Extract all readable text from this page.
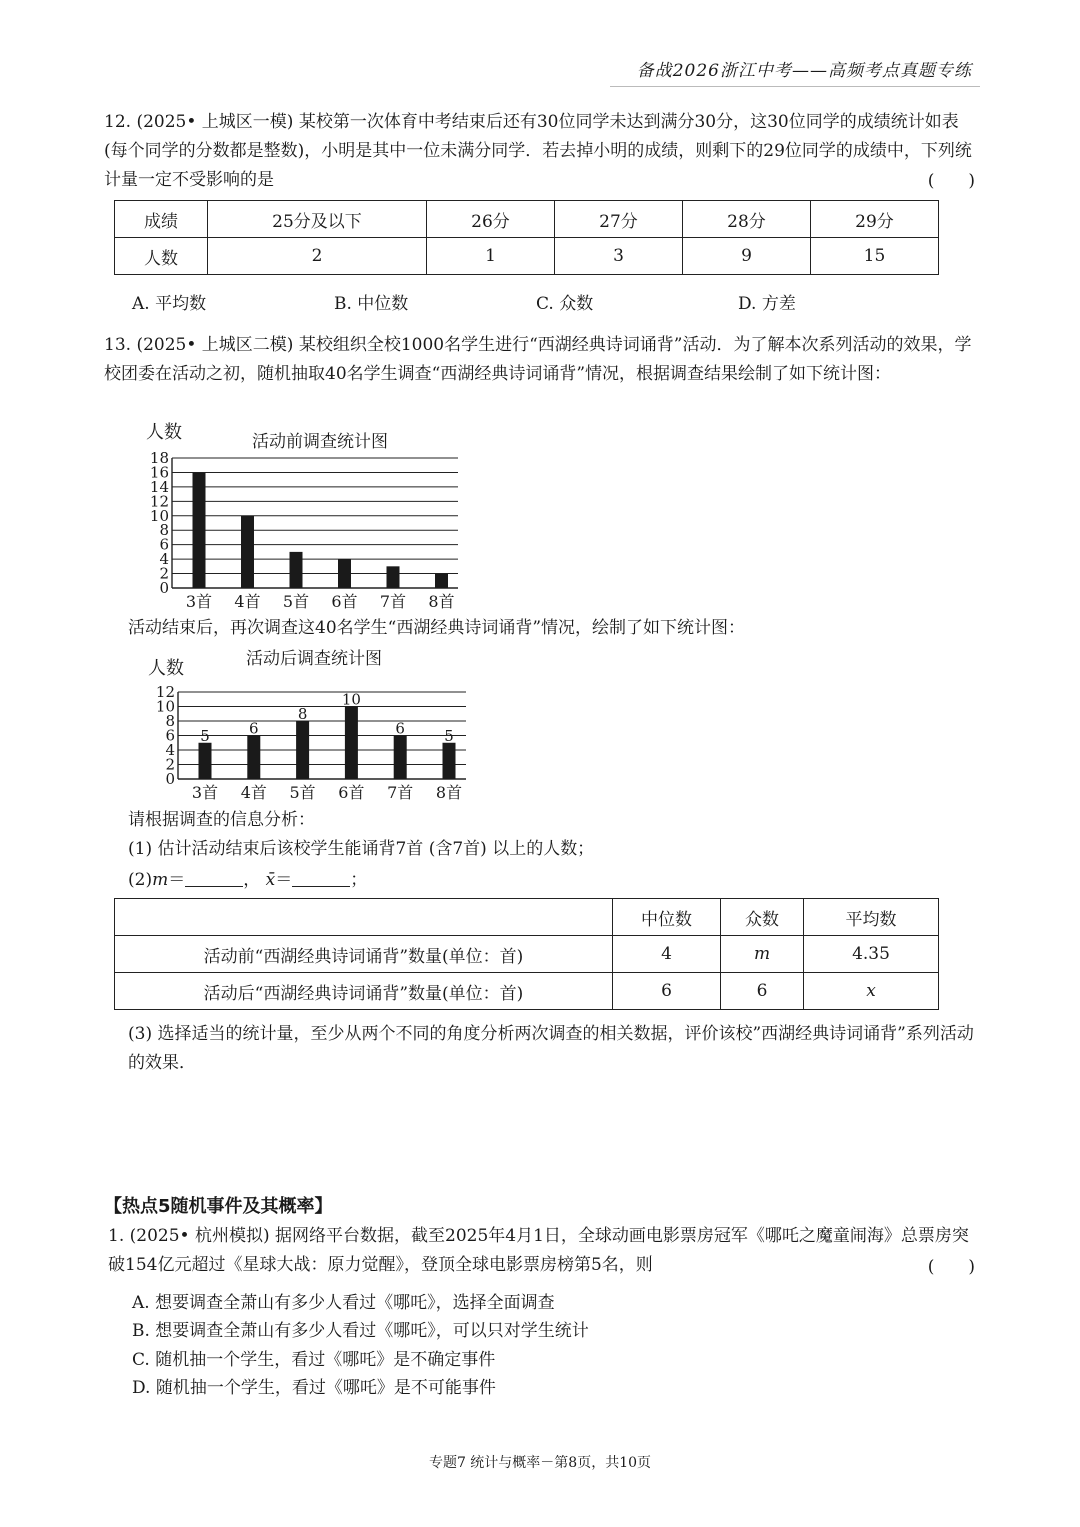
备战2026浙江中考——高频考点真题专练
12. (2025• 上城区一模) 某校第一次体育中考结束后还有30位同学未达到满分30分，这30位同学的成绩统计如表(每个同学的分数都是整数)，小明是其中一位未满分同学．若去掉小明的成绩，则剩下的29位同学的成绩中，下列统计量一定不受影响的是	(　　)
成绩	25分及以下	26分	27分	28分	29分
人数	2	1	3	9	15
A. 平均数	B. 中位数	C. 众数	D. 方差
13. (2025• 上城区二模) 某校组织全校1000名学生进行“西湖经典诗词诵背”活动．为了解本次系列活动的效果，学校团委在活动之初，随机抽取40名学生调查“西湖经典诗词诵背”情况，根据调查结果绘制了如下统计图：
人数	活动前调查统计图
0
2
4
6
8
10
12
14
16
18
3首 4首 5首 6首 7首 8首
活动结束后，再次调查这40名学生“西湖经典诗词诵背”情况，绘制了如下统计图：
人数	活动后调查统计图
0
2
4
6
8
10
12
3首
5
4首
6
5首
8
6首
10
7首
6
8首
5
请根据调查的信息分析：
(1) 估计活动结束后该校学生能诵背7首 (含7首) 以上的人数；
(2)m＝	， x̄＝	；
	中位数	众数	平均数
活动前“西湖经典诗词诵背”数量(单位：首)	4	m	4.35
活动后“西湖经典诗词诵背”数量(单位：首)	6	6	x
(3) 选择适当的统计量，至少从两个不同的角度分析两次调查的相关数据，评价该校”西湖经典诗词诵背”系列活动的效果．
【热点5随机事件及其概率】
1. (2025• 杭州模拟) 据网络平台数据，截至2025年4月1日，全球动画电影票房冠军《哪吒之魔童闹海》总票房突破154亿元超过《星球大战：原力觉醒》，登顶全球电影票房榜第5名，则	(　　)
A. 想要调查全萧山有多少人看过《哪吒》，选择全面调查
B. 想要调查全萧山有多少人看过《哪吒》，可以只对学生统计
C. 随机抽一个学生，看过《哪吒》是不确定事件
D. 随机抽一个学生，看过《哪吒》是不可能事件
专题7 统计与概率－第8页，共10页
